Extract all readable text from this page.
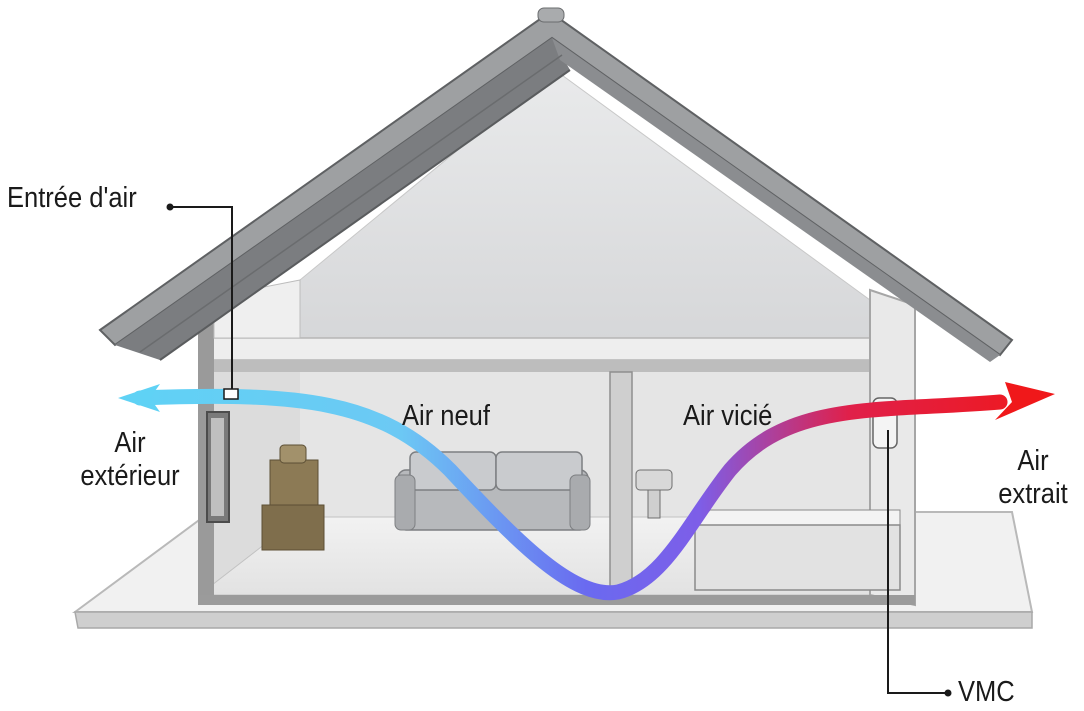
Entrée d'air
Air
extérieur
Air neuf	Air vicié
Air
extrait
VMC
